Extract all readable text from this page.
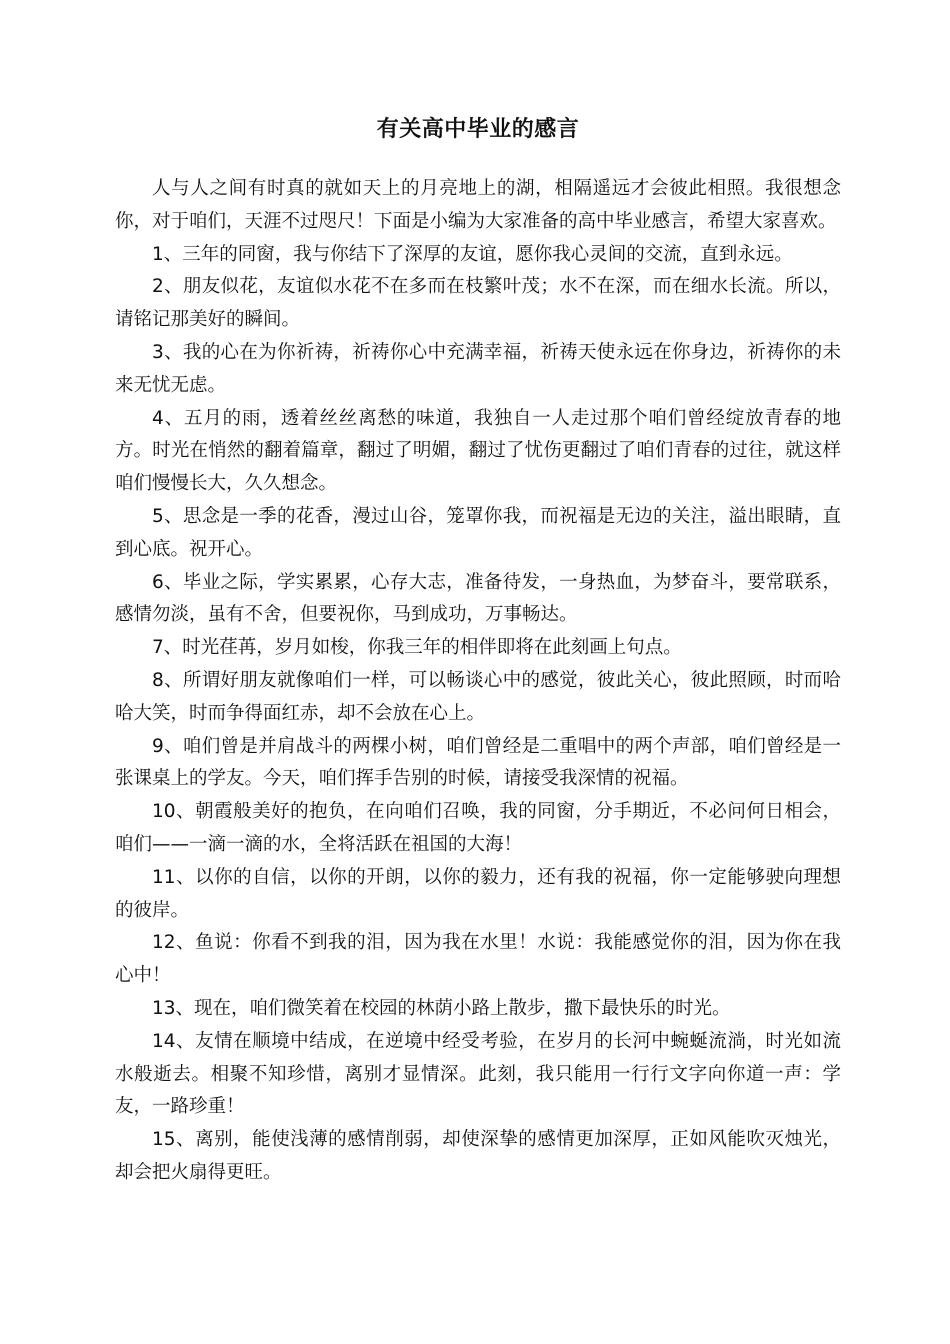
有关高中毕业的感言

人与人之间有时真的就如天上的月亮地上的湖，相隔遥远才会彼此相照。我很想念你，对于咱们，天涯不过咫尺！下面是小编为大家准备的高中毕业感言，希望大家喜欢。

1、三年的同窗，我与你结下了深厚的友谊，愿你我心灵间的交流，直到永远。

2、朋友似花，友谊似水花不在多而在枝繁叶茂；水不在深，而在细水长流。所以，请铭记那美好的瞬间。

3、我的心在为你祈祷，祈祷你心中充满幸福，祈祷天使永远在你身边，祈祷你的未来无忧无虑。

4、五月的雨，透着丝丝离愁的味道，我独自一人走过那个咱们曾经绽放青春的地方。时光在悄然的翻着篇章，翻过了明媚，翻过了忧伤更翻过了咱们青春的过往，就这样咱们慢慢长大，久久想念。

5、思念是一季的花香，漫过山谷，笼罩你我，而祝福是无边的关注，溢出眼睛，直到心底。祝开心。

6、毕业之际，学实累累，心存大志，准备待发，一身热血，为梦奋斗，要常联系，感情勿淡，虽有不舍，但要祝你，马到成功，万事畅达。

7、时光荏苒，岁月如梭，你我三年的相伴即将在此刻画上句点。

8、所谓好朋友就像咱们一样，可以畅谈心中的感觉，彼此关心，彼此照顾，时而哈哈大笑，时而争得面红赤，却不会放在心上。

9、咱们曾是并肩战斗的两棵小树，咱们曾经是二重唱中的两个声部，咱们曾经是一张课桌上的学友。今天，咱们挥手告别的时候，请接受我深情的祝福。

10、朝霞般美好的抱负，在向咱们召唤，我的同窗，分手期近，不必问何日相会，咱们——一滴一滴的水，全将活跃在祖国的大海！

11、以你的自信，以你的开朗，以你的毅力，还有我的祝福，你一定能够驶向理想的彼岸。

12、鱼说：你看不到我的泪，因为我在水里！水说：我能感觉你的泪，因为你在我心中！

13、现在，咱们微笑着在校园的林荫小路上散步，撒下最快乐的时光。

14、友情在顺境中结成，在逆境中经受考验，在岁月的长河中蜿蜒流淌，时光如流水般逝去。相聚不知珍惜，离别才显情深。此刻，我只能用一行行文字向你道一声：学友，一路珍重！

15、离别，能使浅薄的感情削弱，却使深挚的感情更加深厚，正如风能吹灭烛光，却会把火扇得更旺。
